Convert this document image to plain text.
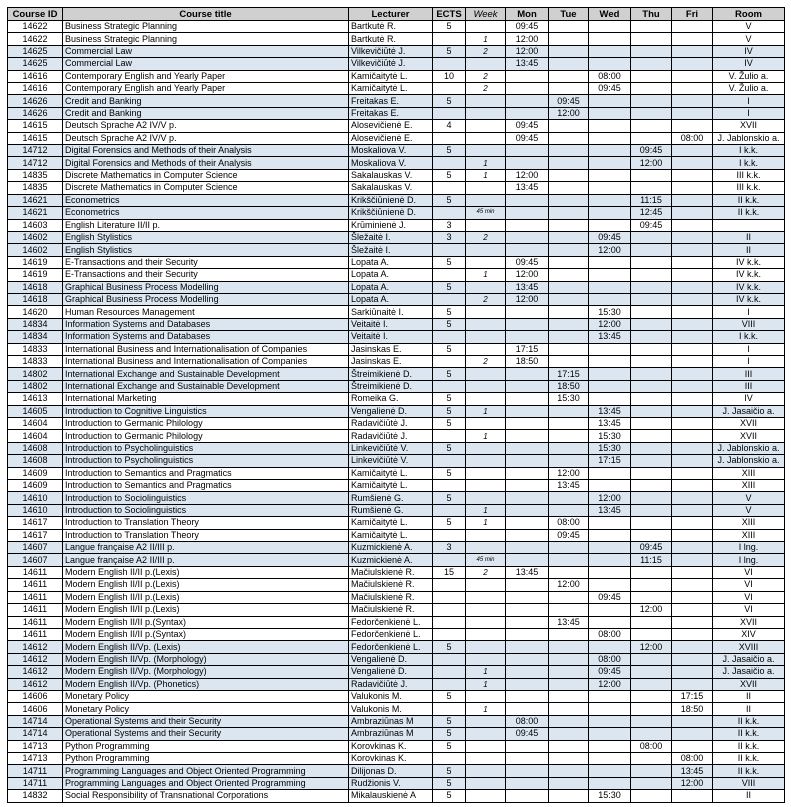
Course ID	Course title	Lecturer	ECTS	Week	Mon	Tue	Wed	Thu	Fri	Room
14622	Business Strategic Planning	Bartkutė R.	5		09:45					V
14622	Business Strategic Planning	Bartkutė R.		1	12:00					V
14625	Commercial Law	Vilkevičiūtė J.	5	2	12:00					IV
14625	Commercial Law	Vilkevičiūtė J.			13:45					IV
14616	Contemporary English and Yearly Paper	Kamičaitytė L.	10	2			08:00			V. Žulio a.
14616	Contemporary English and Yearly Paper	Kamičaitytė L.		2			09:45			V. Žulio a.
14626	Credit and Banking	Freitakas E.	5			09:45				I
14626	Credit and Banking	Freitakas E.				12:00				I
14615	Deutsch Sprache A2 IV/V p.	Alosevičienė E.	4		09:45					XVII
14615	Deutsch Sprache A2 IV/V p.	Alosevičienė E.			09:45				08:00	J. Jablonskio a.
14712	Digital Forensics and Methods of their Analysis	Moskaliova V.	5					09:45		I k.k.
14712	Digital Forensics and Methods of their Analysis	Moskaliova V.		1				12:00		I k.k.
14835	Discrete Mathematics in Computer Science	Sakalauskas V.	5	1	12:00					III k.k.
14835	Discrete Mathematics in Computer Science	Sakalauskas V.			13:45					III k.k.
14621	Econometrics	Krikščiūnienė D.	5					11:15		II k.k.
14621	Econometrics	Krikščiūnienė D.		45 min				12:45		II k.k.
14603	English Literature II/II p.	Krūminienė J.	3					09:45		
14602	English Stylistics	Šležaitė I.	3	2			09:45			II
14602	English Stylistics	Šležaitė I.					12:00			II
14619	E-Transactions and their Security	Lopata A.	5		09:45					IV k.k.
14619	E-Transactions and their Security	Lopata A.		1	12:00					IV k.k.
14618	Graphical Business Process Modelling	Lopata A.	5		13:45					IV k.k.
14618	Graphical Business Process Modelling	Lopata A.		2	12:00					IV k.k.
14620	Human Resources Management	Sarkiūnaitė I.	5				15:30			I
14834	Information Systems and Databases	Veitaitė I.	5				12:00			VIII
14834	Information Systems and Databases	Veitaitė I.					13:45			I k.k.
14833	International Business and Internationalisation of Companies	Jasinskas E.	5		17:15					I
14833	International Business and Internationalisation of Companies	Jasinskas E.		2	18:50					I
14802	International Exchange and Sustainable Development	Štreimikienė D.	5			17:15				III
14802	International Exchange and Sustainable Development	Štreimikienė D.				18:50				III
14613	International Marketing	Romeika G.	5			15:30				IV
14605	Introduction to Cognitive Linguistics	Vengalienė D.	5	1			13:45			J. Jasaičio a.
14604	Introduction to Germanic Philology	Radavičiūtė J.	5				13:45			XVII
14604	Introduction to Germanic Philology	Radavičiūtė J.		1			15:30			XVII
14608	Introduction to Psycholinguistics	Linkevičiūtė V.	5				15:30			J. Jablonskio a.
14608	Introduction to Psycholinguistics	Linkevičiūtė V.					17:15			J. Jablonskio a.
14609	Introduction to Semantics and Pragmatics	Kamičaitytė L.	5			12:00				XIII
14609	Introduction to Semantics and Pragmatics	Kamičaitytė L.				13:45				XIII
14610	Introduction to Sociolinguistics	Rumšienė G.	5				12:00			V
14610	Introduction to Sociolinguistics	Rumšienė G.		1			13:45			V
14617	Introduction to Translation Theory	Kamičaitytė L.	5	1		08:00				XIII
14617	Introduction to Translation Theory	Kamičaitytė L.				09:45				XIII
14607	Langue française A2 II/III p.	Kuzmickienė A.	3					09:45		I lng.
14607	Langue française A2 II/III p.	Kuzmickienė A.		45 min				11:15		I lng.
14611	Modern English II/II p.(Lexis)	Mačiulskienė R.	15	2	13:45					VI
14611	Modern English II/II p.(Lexis)	Mačiulskienė R.				12:00				VI
14611	Modern English II/II p.(Lexis)	Mačiulskienė R.					09:45			VI
14611	Modern English II/II p.(Lexis)	Mačiulskienė R.						12:00		VI
14611	Modern English II/II p.(Syntax)	Fedorčenkienė L.				13:45				XVII
14611	Modern English II/II p.(Syntax)	Fedorčenkienė L.					08:00			XIV
14612	Modern English II/Vp. (Lexis)	Fedorčenkienė L.	5					12:00		XVIII
14612	Modern English II/Vp. (Morphology)	Vengalienė D.					08:00			J. Jasaičio a.
14612	Modern English II/Vp. (Morphology)	Vengalienė D.		1			09:45			J. Jasaičio a.
14612	Modern English II/Vp. (Phonetics)	Radavičiūtė J.		1			12:00			XVII
14606	Monetary Policy	Valukonis M.	5						17:15	II
14606	Monetary Policy	Valukonis M.		1					18:50	II
14714	Operational Systems and their Security	Ambraziūnas M	5		08:00					II k.k.
14714	Operational Systems and their Security	Ambraziūnas M	5		09:45					II k.k.
14713	Python Programming	Korovkinas K.	5					08:00		II k.k.
14713	Python Programming	Korovkinas K.							08:00	II k.k.
14711	Programming Languages and Object Oriented Programming	Dilijonas D.	5						13:45	II k.k.
14711	Programming Languages and Object Oriented Programming	Rudžionis V.	5						12:00	VIII
14832	Social Responsibility of Transnational Corporations	Mikalauskienė A	5				15:30			II
